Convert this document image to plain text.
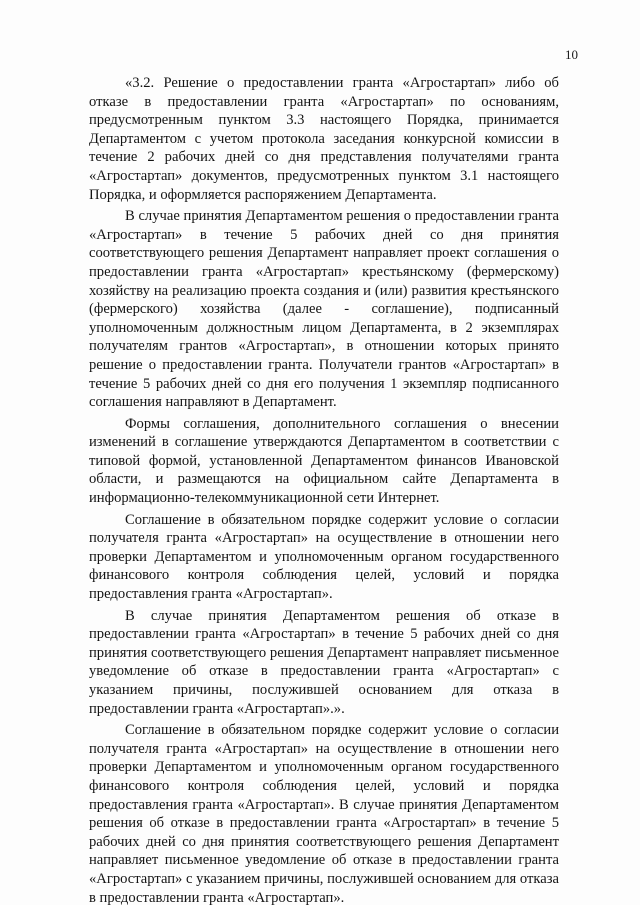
10

«3.2. Решение о предоставлении гранта «Агростартап» либо об отказе в предоставлении гранта «Агростартап» по основаниям, предусмотренным пунктом 3.3 настоящего Порядка, принимается Департаментом с учетом протокола заседания конкурсной комиссии в течение 2 рабочих дней со дня представления получателями гранта «Агростартап» документов, предусмотренных пунктом 3.1 настоящего Порядка, и оформляется распоряжением Департамента.

В случае принятия Департаментом решения о предоставлении гранта «Агростартап» в течение 5 рабочих дней со дня принятия соответствующего решения Департамент направляет проект соглашения о предоставлении гранта «Агростартап» крестьянскому (фермерскому) хозяйству на реализацию проекта создания и (или) развития крестьянского (фермерского) хозяйства (далее - соглашение), подписанный уполномоченным должностным лицом Департамента, в 2 экземплярах получателям грантов «Агростартап», в отношении которых принято решение о предоставлении гранта. Получатели грантов «Агростартап» в течение 5 рабочих дней со дня его получения 1 экземпляр подписанного соглашения направляют в Департамент.

Формы соглашения, дополнительного соглашения о внесении изменений в соглашение утверждаются Департаментом в соответствии с типовой формой, установленной Департаментом финансов Ивановской области, и размещаются на официальном сайте Департамента в информационно-телекоммуникационной сети Интернет.

Соглашение в обязательном порядке содержит условие о согласии получателя гранта «Агростартап» на осуществление в отношении него проверки Департаментом и уполномоченным органом государственного финансового контроля соблюдения целей, условий и порядка предоставления гранта «Агростартап».

В случае принятия Департаментом решения об отказе в предоставлении гранта «Агростартап» в течение 5 рабочих дней со дня принятия соответствующего решения Департамент направляет письменное уведомление об отказе в предоставлении гранта «Агростартап» с указанием причины, послужившей основанием для отказа в предоставлении гранта «Агростартап».».

Соглашение в обязательном порядке содержит условие о согласии получателя гранта «Агростартап» на осуществление в отношении него проверки Департаментом и уполномоченным органом государственного финансового контроля соблюдения целей, условий и порядка предоставления гранта «Агростартап». В случае принятия Департаментом решения об отказе в предоставлении гранта «Агростартап» в течение 5 рабочих дней со дня принятия соответствующего решения Департамент направляет письменное уведомление об отказе в предоставлении гранта «Агростартап» с указанием причины, послужившей основанием для отказа в предоставлении гранта «Агростартап».
